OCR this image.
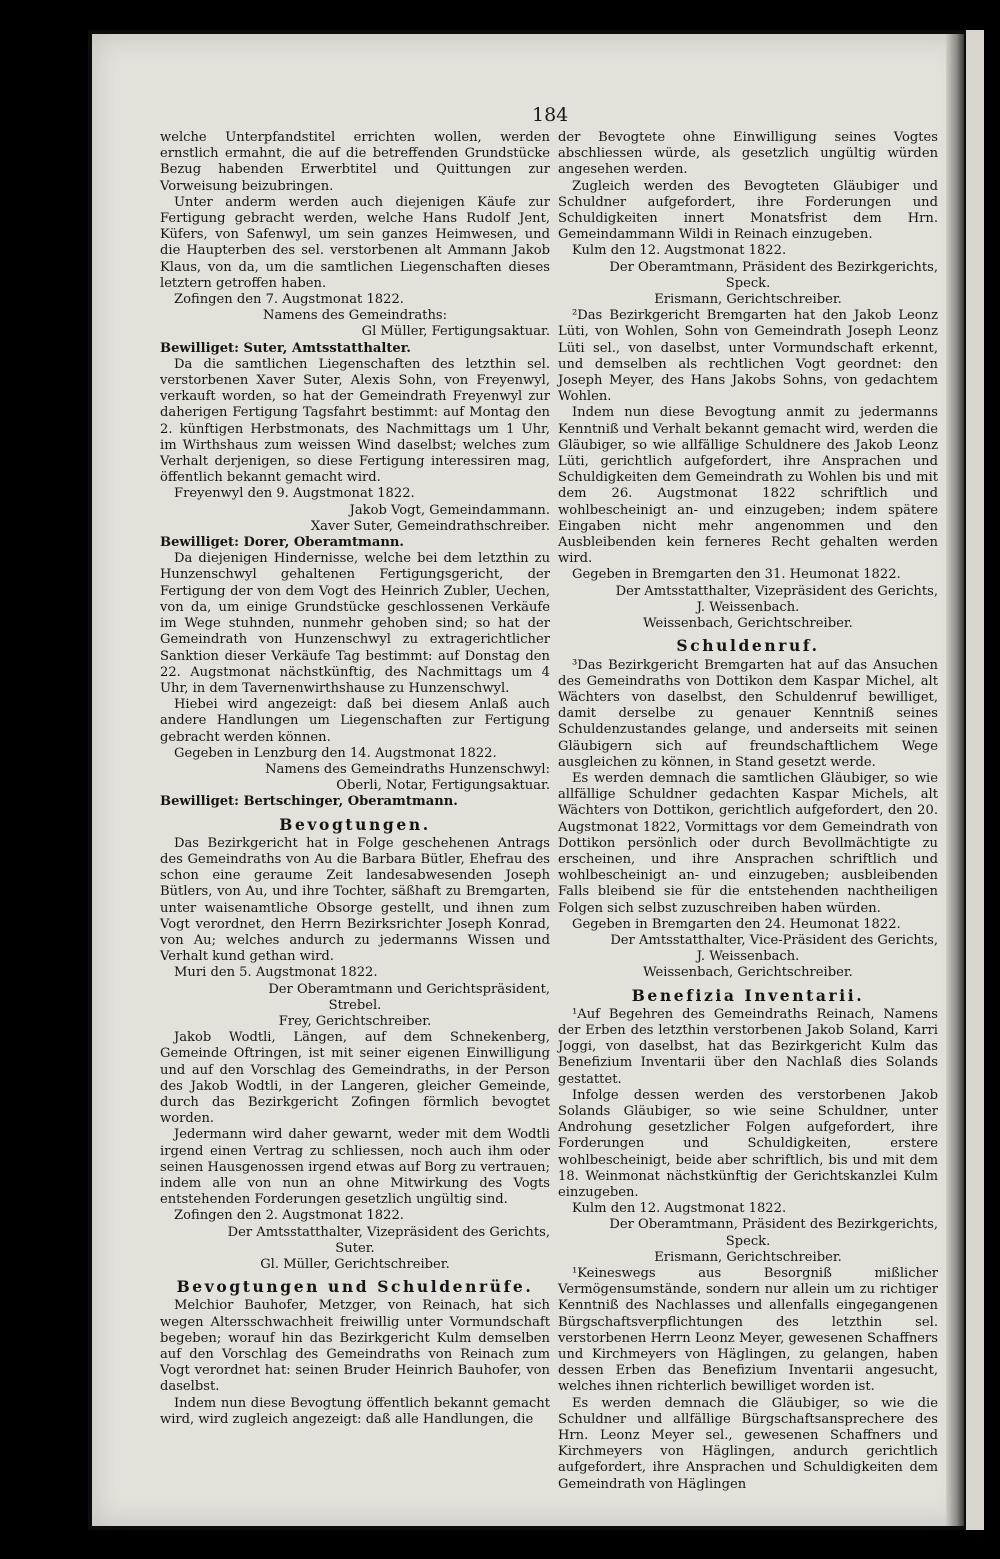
184

welche Unterpfandstitel errichten wollen, werden ernstlich ermahnt, die auf die betreffenden Grundstücke Bezug habenden Erwerbtitel und Quittungen zur Vorweisung beizubringen.

Unter anderm werden auch diejenigen Käufe zur Fertigung gebracht werden, welche Hans Rudolf Jent, Küfers, von Safenwyl, um sein ganzes Heimwesen, und die Haupterben des sel. verstorbenen alt Ammann Jakob Klaus, von da, um die samtlichen Liegenschaften dieses letztern getroffen haben.

Zofingen den 7. Augstmonat 1822.

Namens des Gemeindraths:

Gl Müller, Fertigungsaktuar.

Bewilliget: Suter, Amtsstatthalter.

Da die samtlichen Liegenschaften des letzthin sel. verstorbenen Xaver Suter, Alexis Sohn, von Freyenwyl, verkauft worden, so hat der Gemeindrath Freyenwyl zur daherigen Fertigung Tagsfahrt bestimmt: auf Montag den 2. künftigen Herbstmonats, des Nachmittags um 1 Uhr, im Wirthshaus zum weissen Wind daselbst; welches zum Verhalt derjenigen, so diese Fertigung interessiren mag, öffentlich bekannt gemacht wird.

Freyenwyl den 9. Augstmonat 1822.

Jakob Vogt, Gemeindammann.

Xaver Suter, Gemeindrathschreiber.

Bewilliget: Dorer, Oberamtmann.

Da diejenigen Hindernisse, welche bei dem letzthin zu Hunzenschwyl gehaltenen Fertigungsgericht, der Fertigung der von dem Vogt des Heinrich Zubler, Uechen, von da, um einige Grundstücke geschlossenen Verkäufe im Wege stuhnden, nunmehr gehoben sind; so hat der Gemeindrath von Hunzenschwyl zu extragerichtlicher Sanktion dieser Verkäufe Tag bestimmt: auf Donstag den 22. Augstmonat nächstkünftig, des Nachmittags um 4 Uhr, in dem Tavernenwirthshause zu Hunzenschwyl.

Hiebei wird angezeigt: daß bei diesem Anlaß auch andere Handlungen um Liegenschaften zur Fertigung gebracht werden können.

Gegeben in Lenzburg den 14. Augstmonat 1822.

Namens des Gemeindraths Hunzenschwyl:

Oberli, Notar, Fertigungsaktuar.

Bewilliget: Bertschinger, Oberamtmann.

Bevogtungen.

Das Bezirkgericht hat in Folge geschehenen Antrags des Gemeindraths von Au die Barbara Bütler, Ehefrau des schon eine geraume Zeit landesabwesenden Joseph Bütlers, von Au, und ihre Tochter, säßhaft zu Bremgarten, unter waisenamtliche Obsorge gestellt, und ihnen zum Vogt verordnet, den Herrn Bezirksrichter Joseph Konrad, von Au; welches andurch zu jedermanns Wissen und Verhalt kund gethan wird.

Muri den 5. Augstmonat 1822.

Der Oberamtmann und Gerichtspräsident,

Strebel.

Frey, Gerichtschreiber.

Jakob Wodtli, Längen, auf dem Schnekenberg, Gemeinde Oftringen, ist mit seiner eigenen Einwilligung und auf den Vorschlag des Gemeindraths, in der Person des Jakob Wodtli, in der Langeren, gleicher Gemeinde, durch das Bezirkgericht Zofingen förmlich bevogtet worden.

Jedermann wird daher gewarnt, weder mit dem Wodtli irgend einen Vertrag zu schliessen, noch auch ihm oder seinen Hausgenossen irgend etwas auf Borg zu vertrauen; indem alle von nun an ohne Mitwirkung des Vogts entstehenden Forderungen gesetzlich ungültig sind.

Zofingen den 2. Augstmonat 1822.

Der Amtsstatthalter, Vizepräsident des Gerichts,

Suter.

Gl. Müller, Gerichtschreiber.

Bevogtungen und Schuldenrüfe.

Melchior Bauhofer, Metzger, von Reinach, hat sich wegen Altersschwachheit freiwillig unter Vormundschaft begeben; worauf hin das Bezirkgericht Kulm demselben auf den Vorschlag des Gemeindraths von Reinach zum Vogt verordnet hat: seinen Bruder Heinrich Bauhofer, von daselbst.

Indem nun diese Bevogtung öffentlich bekannt gemacht wird, wird zugleich angezeigt: daß alle Handlungen, die

der Bevogtete ohne Einwilligung seines Vogtes abschliessen würde, als gesetzlich ungültig würden angesehen werden.

Zugleich werden des Bevogteten Gläubiger und Schuldner aufgefordert, ihre Forderungen und Schuldigkeiten innert Monatsfrist dem Hrn. Gemeindammann Wildi in Reinach einzugeben.

Kulm den 12. Augstmonat 1822.

Der Oberamtmann, Präsident des Bezirkgerichts,

Speck.

Erismann, Gerichtschreiber.

²Das Bezirkgericht Bremgarten hat den Jakob Leonz Lüti, von Wohlen, Sohn von Gemeindrath Joseph Leonz Lüti sel., von daselbst, unter Vormundschaft erkennt, und demselben als rechtlichen Vogt geordnet: den Joseph Meyer, des Hans Jakobs Sohns, von gedachtem Wohlen.

Indem nun diese Bevogtung anmit zu jedermanns Kenntniß und Verhalt bekannt gemacht wird, werden die Gläubiger, so wie allfällige Schuldnere des Jakob Leonz Lüti, gerichtlich aufgefordert, ihre Ansprachen und Schuldigkeiten dem Gemeindrath zu Wohlen bis und mit dem 26. Augstmonat 1822 schriftlich und wohlbescheinigt an- und einzugeben; indem spätere Eingaben nicht mehr angenommen und den Ausbleibenden kein ferneres Recht gehalten werden wird.

Gegeben in Bremgarten den 31. Heumonat 1822.

Der Amtsstatthalter, Vizepräsident des Gerichts,

J. Weissenbach.

Weissenbach, Gerichtschreiber.

Schuldenruf.

³Das Bezirkgericht Bremgarten hat auf das Ansuchen des Gemeindraths von Dottikon dem Kaspar Michel, alt Wächters von daselbst, den Schuldenruf bewilliget, damit derselbe zu genauer Kenntniß seines Schuldenzustandes gelange, und anderseits mit seinen Gläubigern sich auf freundschaftlichem Wege ausgleichen zu können, in Stand gesetzt werde.

Es werden demnach die samtlichen Gläubiger, so wie allfällige Schuldner gedachten Kaspar Michels, alt Wächters von Dottikon, gerichtlich aufgefordert, den 20. Augstmonat 1822, Vormittags vor dem Gemeindrath von Dottikon persönlich oder durch Bevollmächtigte zu erscheinen, und ihre Ansprachen schriftlich und wohlbescheinigt an- und einzugeben; ausbleibenden Falls bleibend sie für die entstehenden nachtheiligen Folgen sich selbst zuzuschreiben haben würden.

Gegeben in Bremgarten den 24. Heumonat 1822.

Der Amtsstatthalter, Vice-Präsident des Gerichts,

J. Weissenbach.

Weissenbach, Gerichtschreiber.

Benefizia Inventarii.

¹Auf Begehren des Gemeindraths Reinach, Namens der Erben des letzthin verstorbenen Jakob Soland, Karri Joggi, von daselbst, hat das Bezirkgericht Kulm das Benefizium Inventarii über den Nachlaß dies Solands gestattet.

Infolge dessen werden des verstorbenen Jakob Solands Gläubiger, so wie seine Schuldner, unter Androhung gesetzlicher Folgen aufgefordert, ihre Forderungen und Schuldigkeiten, erstere wohlbescheinigt, beide aber schriftlich, bis und mit dem 18. Weinmonat nächstkünftig der Gerichtskanzlei Kulm einzugeben.

Kulm den 12. Augstmonat 1822.

Der Oberamtmann, Präsident des Bezirkgerichts,

Speck.

Erismann, Gerichtschreiber.

¹Keineswegs aus Besorgniß mißlicher Vermögensumstände, sondern nur allein um zu richtiger Kenntniß des Nachlasses und allenfalls eingegangenen Bürgschaftsverpflichtungen des letzthin sel. verstorbenen Herrn Leonz Meyer, gewesenen Schaffners und Kirchmeyers von Häglingen, zu gelangen, haben dessen Erben das Benefizium Inventarii angesucht, welches ihnen richterlich bewilliget worden ist.

Es werden demnach die Gläubiger, so wie die Schuldner und allfällige Bürgschaftsansprechere des Hrn. Leonz Meyer sel., gewesenen Schaffners und Kirchmeyers von Häglingen, andurch gerichtlich aufgefordert, ihre Ansprachen und Schuldigkeiten dem Gemeindrath von Häglingen
